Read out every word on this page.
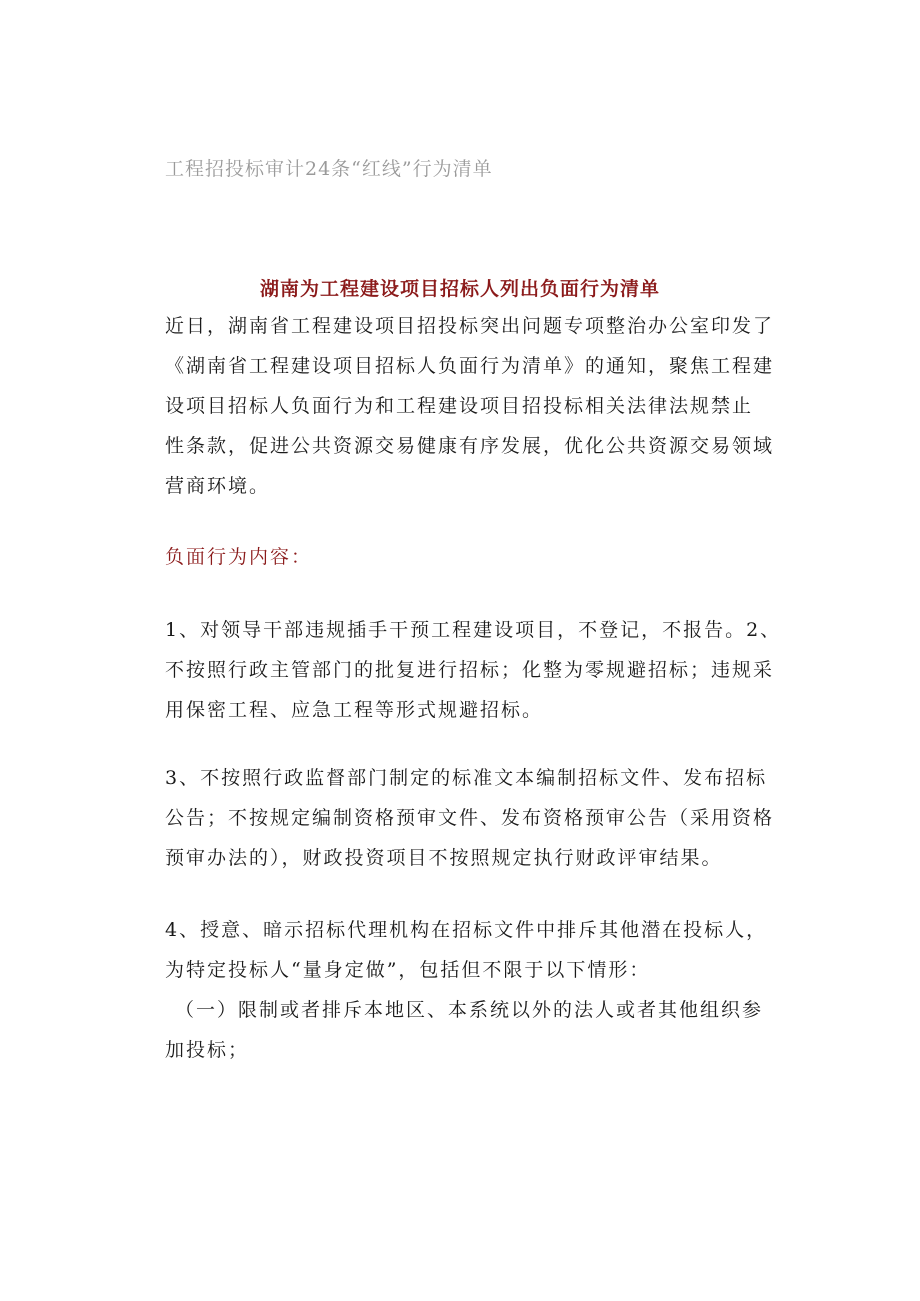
工程招投标审计24条“红线”行为清单
湖南为工程建设项目招标人列出负面行为清单
近日，湖南省工程建设项目招投标突出问题专项整治办公室印发了
《湖南省工程建设项目招标人负面行为清单》的通知，聚焦工程建
设项目招标人负面行为和工程建设项目招投标相关法律法规禁止
性条款，促进公共资源交易健康有序发展，优化公共资源交易领域
营商环境。
负面行为内容：
1、对领导干部违规插手干预工程建设项目，不登记，不报告。2、
不按照行政主管部门的批复进行招标；化整为零规避招标；违规采
用保密工程、应急工程等形式规避招标。
3、不按照行政监督部门制定的标准文本编制招标文件、发布招标
公告；不按规定编制资格预审文件、发布资格预审公告（采用资格
预审办法的），财政投资项目不按照规定执行财政评审结果。
4、授意、暗示招标代理机构在招标文件中排斥其他潜在投标人，
为特定投标人“量身定做”，包括但不限于以下情形：
（一）限制或者排斥本地区、本系统以外的法人或者其他组织参
加投标；
